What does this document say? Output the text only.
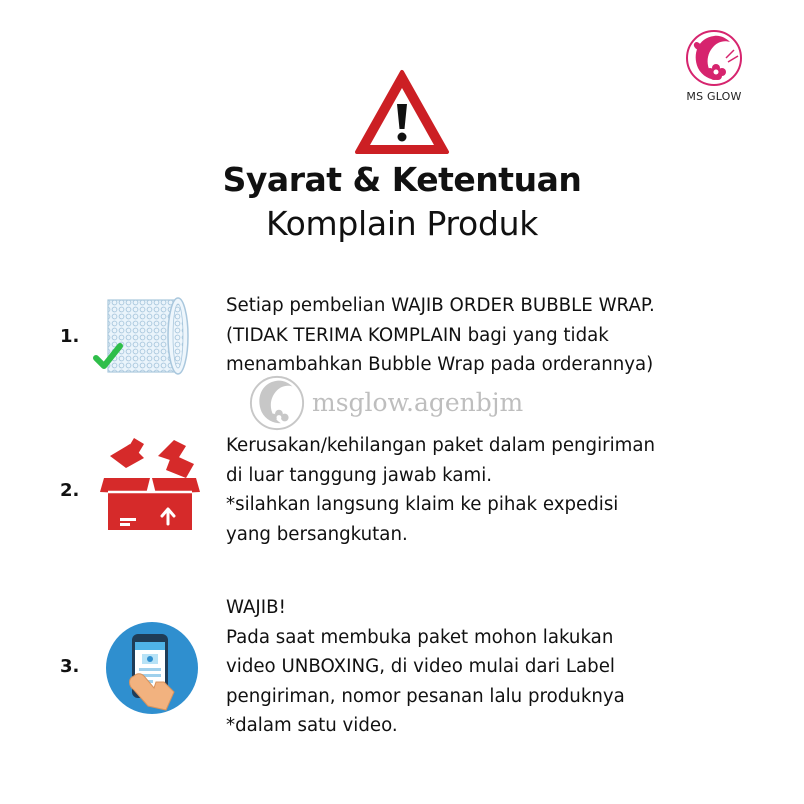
MS GLOW
Syarat & Ketentuan
Komplain Produk
1.
Setiap pembelian WAJIB ORDER BUBBLE WRAP.
(TIDAK TERIMA KOMPLAIN bagi yang tidak
menambahkan Bubble Wrap pada orderannya)
msglow.agenbjm
2.
Kerusakan/kehilangan paket dalam pengiriman
di luar tanggung jawab kami.
*silahkan langsung klaim ke pihak expedisi
yang bersangkutan.
3.
WAJIB!
Pada saat membuka paket mohon lakukan
video UNBOXING, di video mulai dari Label
pengiriman, nomor pesanan lalu produknya
*dalam satu video.
